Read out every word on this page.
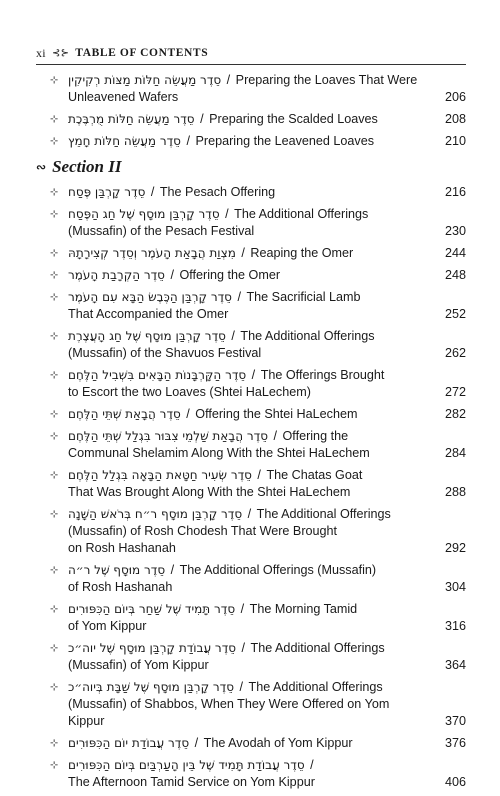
xi ⊰⊱ TABLE OF CONTENTS
⊹ סֵדֶר מַעֲשֵׂה חַלּוֹת מַצּוֹת רְקִיקִין / Preparing the Loaves That Were Unleavened Wafers	206
⊹ סֵדֶר מַעֲשֵׂה חַלּוֹת מֻרְבֶּכֶת / Preparing the Scalded Loaves	208
⊹ סֵדֶר מַעֲשֵׂה חַלּוֹת חָמֵץ / Preparing the Leavened Loaves	210
∾ Section II
⊹ סֵדֶר קָרְבַּן פֶּסַח / The Pesach Offering	216
⊹ סֵדֶר קָרְבַּן מוּסָף שֶׁל חַג הַפֶּסַח / The Additional Offerings
(Mussafin) of the Pesach Festival	230
⊹ מִצְוַת הֲבָאַת הָעֹמֶר וְסֵדֶר קְצִירָתָהּ / Reaping the Omer	244
⊹ סֵדֶר הַקְרָבַת הָעֹמֶר / Offering the Omer	248
⊹ סֵדֶר קָרְבַּן הַכֶּבֶשׂ הַבָּא עִם הָעֹמֶר / The Sacrificial Lamb
That Accompanied the Omer	252
⊹ סֵדֶר קָרְבַּן מוּסָף שֶׁל חַג הָעֲצֶרֶת / The Additional Offerings
(Mussafin) of the Shavuos Festival	262
⊹ סֵדֶר הַקָּרְבָּנוֹת הַבָּאִים בִּשְׁבִיל הַלֶּחֶם / The Offerings Brought
to Escort the two Loaves (Shtei HaLechem)	272
⊹ סֵדֶר הֲבָאַת שְׁתֵּי הַלֶּחֶם / Offering the Shtei HaLechem	282
⊹ סֵדֶר הֲבָאַת שַׁלְמֵי צִבּוּר בִּגְלַל שְׁתֵּי הַלֶּחֶם / Offering the
Communal Shelamim Along With the Shtei HaLechem	284
⊹ סֵדֶר שְׂעִיר חַטָּאת הַבָּאָה בִּגְלַל הַלֶּחֶם / The Chatas Goat
That Was Brought Along With the Shtei HaLechem	288
⊹ סֵדֶר קָרְבַּן מוּסָף ר״ח בְּרֹאשׁ הַשָּׁנָה / The Additional Offerings
(Mussafin) of Rosh Chodesh That Were Brought
on Rosh Hashanah	292
⊹ סֵדֶר מוּסָף שֶׁל ר״ה / The Additional Offerings (Mussafin)
of Rosh Hashanah	304
⊹ סֵדֶר תָּמִיד שֶׁל שַׁחַר בְּיוֹם הַכִּפּוּרִים / The Morning Tamid
of Yom Kippur	316
⊹ סֵדֶר עֲבוֹדַת קָרְבַּן מוּסָף שֶׁל יוה״כ / The Additional Offerings
(Mussafin) of Yom Kippur	364
⊹ סֵדֶר קָרְבַּן מוּסָף שֶׁל שַׁבָּת בְּיוה״כ / The Additional Offerings
(Mussafin) of Shabbos, When They Were Offered on Yom Kippur	370
⊹ סֵדֶר עֲבוֹדַת יוֹם הַכִּפּוּרִים / The Avodah of Yom Kippur	376
⊹ סֵדֶר עֲבוֹדַת תָּמִיד שֶׁל בֵּין הָעַרְבַּיִם בְּיוֹם הַכִּפּוּרִים /
The Afternoon Tamid Service on Yom Kippur	406
